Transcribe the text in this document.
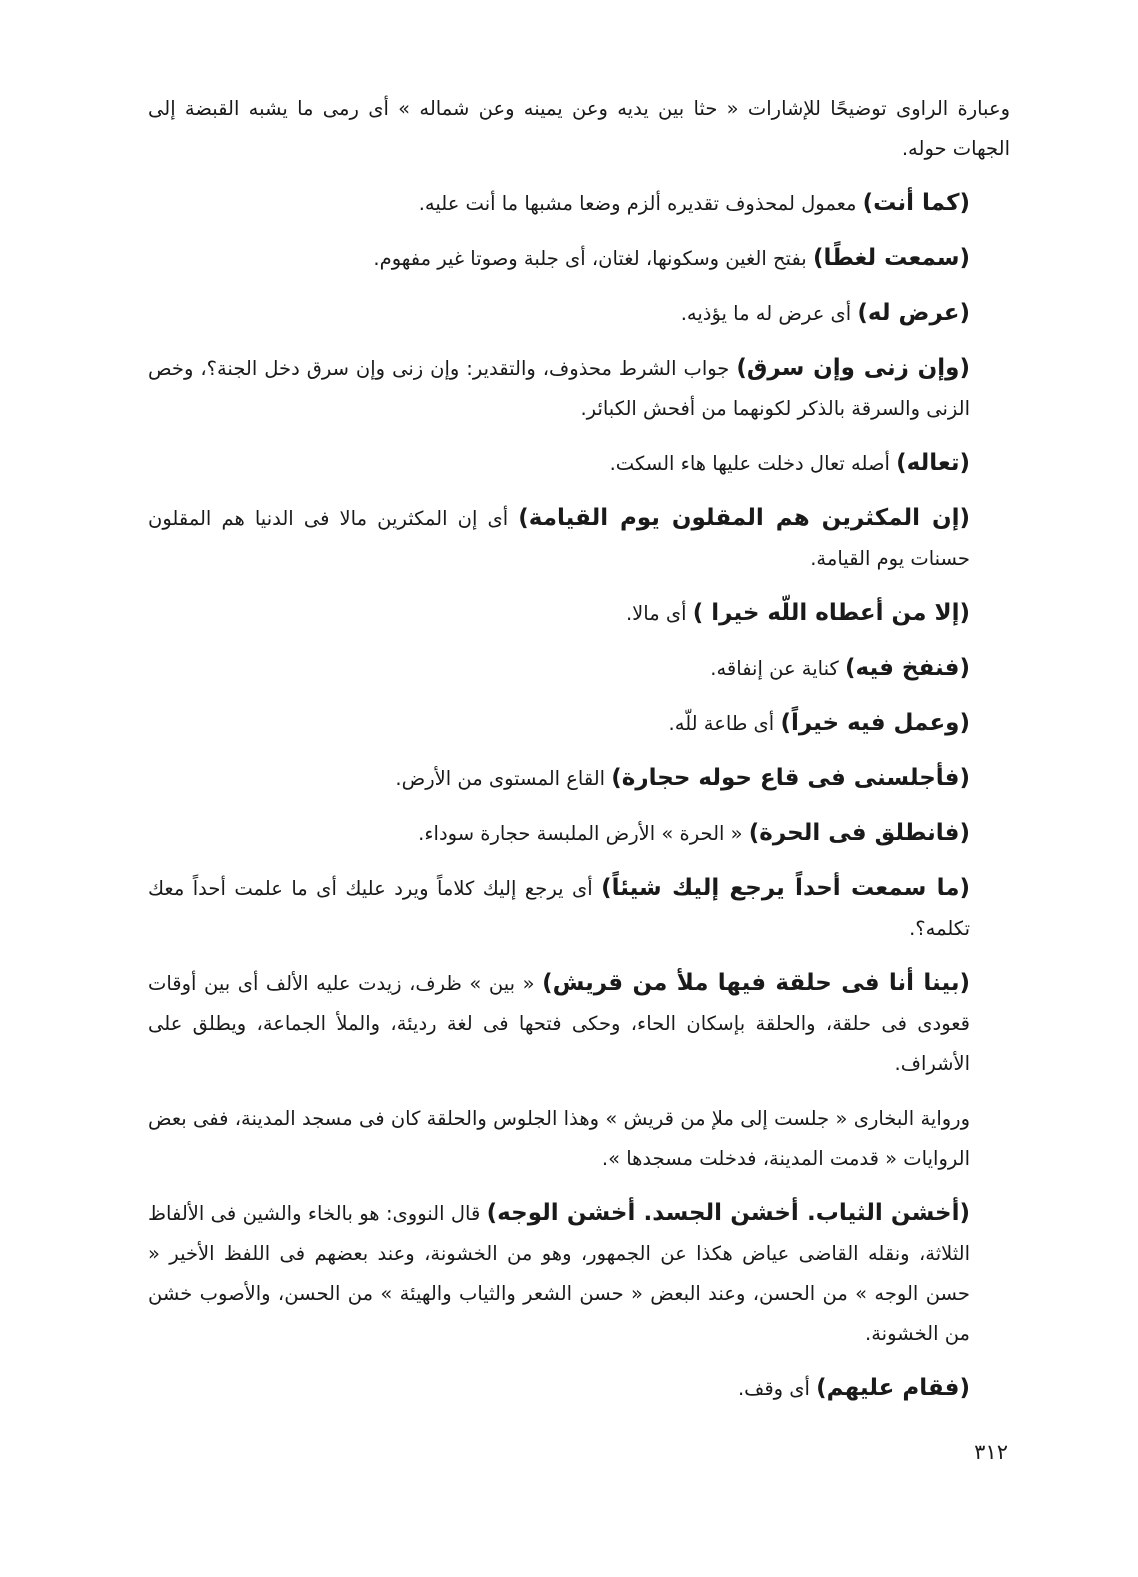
وعبارة الراوى توضيحًا للإشارات « حثا بين يديه وعن يمينه وعن شماله » أى رمى ما يشبه القبضة إلى الجهات حوله.

(كما أنت) معمول لمحذوف تقديره ألزم وضعا مشبها ما أنت عليه.

(سمعت لغطًا) بفتح الغين وسكونها، لغتان، أى جلبة وصوتا غير مفهوم.

(عرض له) أى عرض له ما يؤذيه.

(وإن زنى وإن سرق) جواب الشرط محذوف، والتقدير: وإن زنى وإن سرق دخل الجنة؟، وخص الزنى والسرقة بالذكر لكونهما من أفحش الكبائر.

(تعاله) أصله تعال دخلت عليها هاء السكت.

(إن المكثرين هم المقلون يوم القيامة) أى إن المكثرين مالا فى الدنيا هم المقلون حسنات يوم القيامة.

(إلا من أعطاه اللّه خيرا ) أى مالا.

(فنفخ فيه) كناية عن إنفاقه.

(وعمل فيه خيراً) أى طاعة للّه.

(فأجلسنى فى قاع حوله حجارة) القاع المستوى من الأرض.

(فانطلق فى الحرة) « الحرة » الأرض الملبسة حجارة سوداء.

(ما سمعت أحداً يرجع إليك شيئاً) أى يرجع إليك كلاماً ويرد عليك أى ما علمت أحداً معك تكلمه؟.

(بينا أنا فى حلقة فيها ملأ من قريش) « بين » ظرف، زيدت عليه الألف أى بين أوقات قعودى فى حلقة، والحلقة بإسكان الحاء، وحكى فتحها فى لغة رديئة، والملأ الجماعة، ويطلق على الأشراف.

ورواية البخارى « جلست إلى ملإ من قريش » وهذا الجلوس والحلقة كان فى مسجد المدينة، ففى بعض الروايات « قدمت المدينة، فدخلت مسجدها ».

(أخشن الثياب. أخشن الجسد. أخشن الوجه) قال النووى: هو بالخاء والشين فى الألفاظ الثلاثة، ونقله القاضى عياض هكذا عن الجمهور، وهو من الخشونة، وعند بعضهم فى اللفظ الأخير « حسن الوجه » من الحسن، وعند البعض « حسن الشعر والثياب والهيئة » من الحسن، والأصوب خشن من الخشونة.

(فقام عليهم) أى وقف.

٣١٢
